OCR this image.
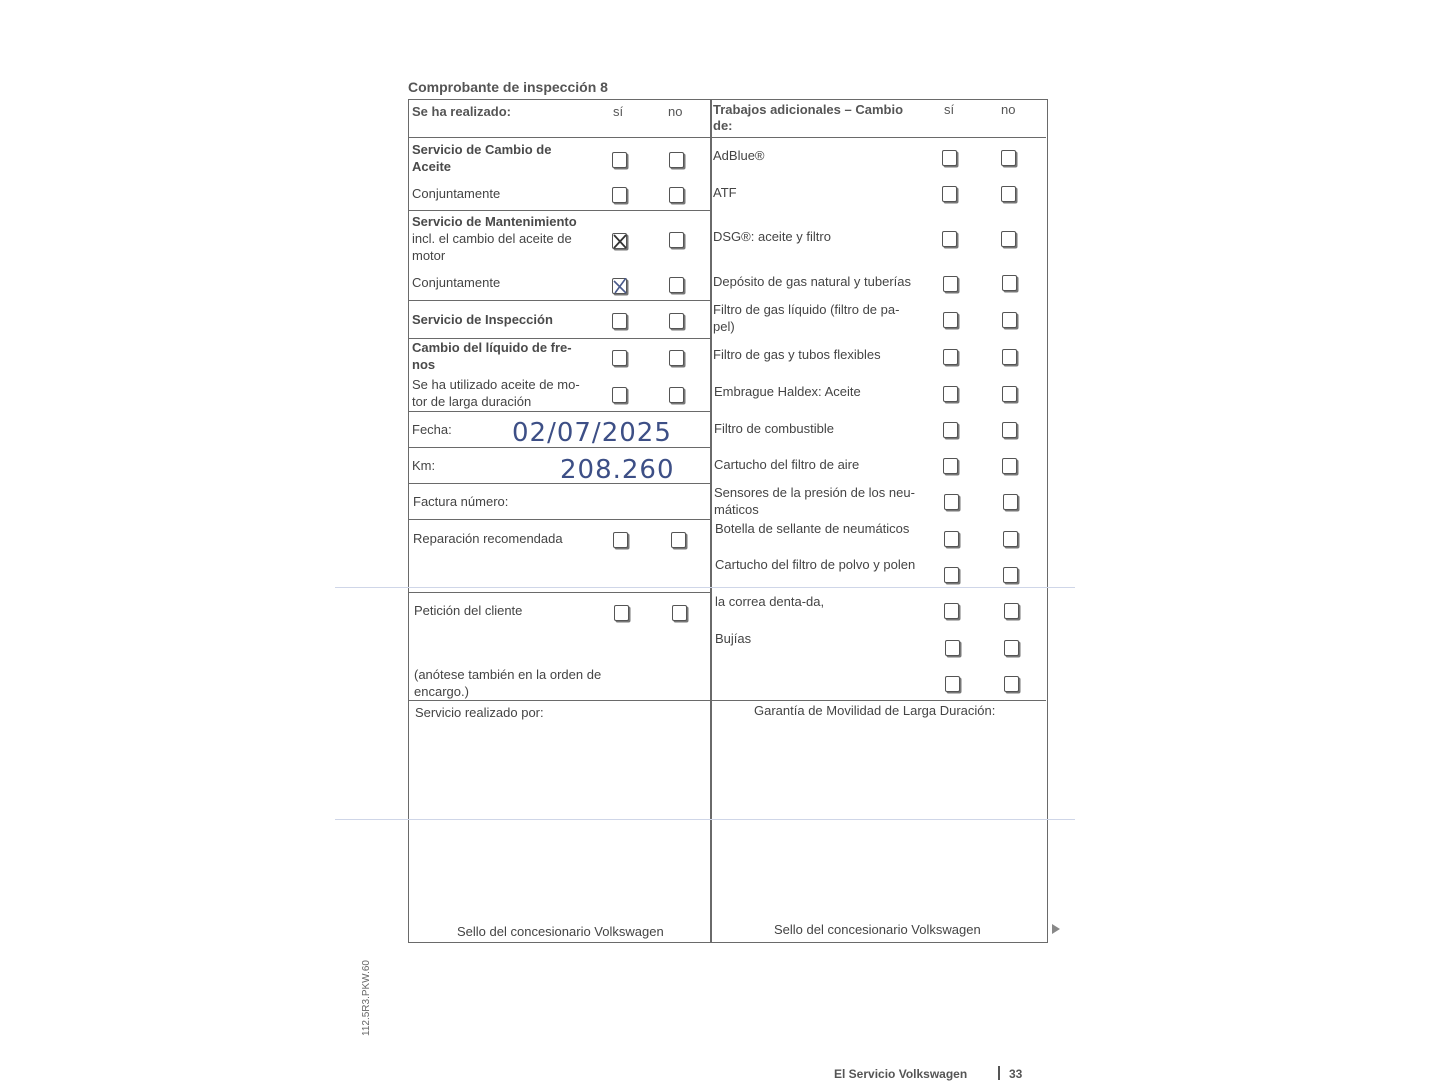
Comprobante de inspección 8
Se ha realizado:	sí	no
Servicio de Cambio de Aceite
Conjuntamente
Servicio de Mantenimiento
incl. el cambio del aceite de motor
Conjuntamente
Servicio de Inspección
Cambio del líquido de fre-nos
Se ha utilizado aceite de mo-tor de larga duración
Fecha: 02/07/2025
Km:	208.260
Factura número:
Reparación recomendada
Petición del cliente
(anótese también en la orden de encargo.)
Servicio realizado por:
Sello del concesionario Volkswagen
Trabajos adicionales – Cambio de:
sí	no
AdBlue®
ATF
DSG®: aceite y filtro
Depósito de gas natural y tuberías
Filtro de gas líquido (filtro de pa-pel)
Filtro de gas y tubos flexibles
Embrague Haldex: Aceite
Filtro de combustible
Cartucho del filtro de aire
Sensores de la presión de los neu-máticos
Botella de sellante de neumáticos
Cartucho del filtro de polvo y polen
la correa denta-da,
Bujías
Garantía de Movilidad de Larga Duración:
Sello del concesionario Volkswagen
112.5R3.PKW.60
El Servicio Volkswagen	33
